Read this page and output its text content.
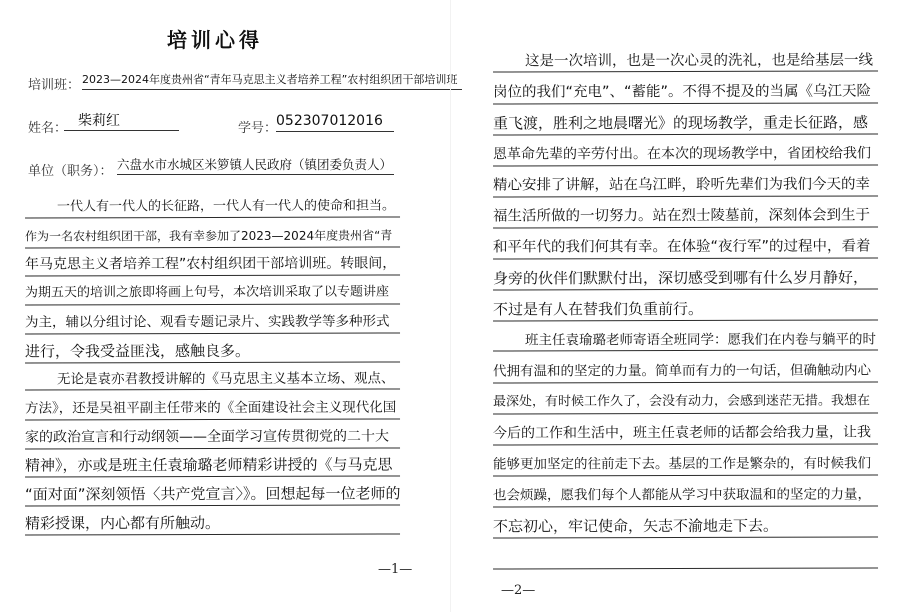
培训心得
培训班： 2023—2024年度贵州省“青年马克思主义者培养工程”农村组织团干部培训班
姓名： 柴莉红	学号：
052307012016
单位（职务）： 六盘水市水城区米箩镇人民政府（镇团委负责人）
一代人有一代人的长征路，一代人有一代人的使命和担当。
作为一名农村组织团干部，我有幸参加了2023—2024年度贵州省“青
年马克思主义者培养工程”农村组织团干部培训班。转眼间，
为期五天的培训之旅即将画上句号，本次培训采取了以专题讲座
为主，辅以分组讨论、观看专题记录片、实践教学等多种形式
进行，令我受益匪浅，感触良多。
无论是袁亦君教授讲解的《马克思主义基本立场、观点、
方法》，还是吴祖平副主任带来的《全面建设社会主义现代化国
家的政治宣言和行动纲领——全面学习宣传贯彻党的二十大
精神》，亦或是班主任袁瑜璐老师精彩讲授的《与马克思
“面对面”深刻领悟〈共产党宣言〉》。回想起每一位老师的
精彩授课，内心都有所触动。
—1—
这是一次培训，也是一次心灵的洗礼，也是给基层一线
岗位的我们“充电”、“蓄能”。不得不提及的当属《乌江天险
重飞渡，胜利之地晨曙光》的现场教学，重走长征路，感
恩革命先辈的辛劳付出。在本次的现场教学中，省团校给我们
精心安排了讲解，站在乌江畔，聆听先辈们为我们今天的幸
福生活所做的一切努力。站在烈士陵墓前，深刻体会到生于
和平年代的我们何其有幸。在体验“夜行军”的过程中，看着
身旁的伙伴们默默付出，深切感受到哪有什么岁月静好，
不过是有人在替我们负重前行。
班主任袁瑜璐老师寄语全班同学：愿我们在内卷与躺平的时
代拥有温和的坚定的力量。简单而有力的一句话，但确触动内心
最深处，有时候工作久了，会没有动力，会感到迷茫无措。我想在
今后的工作和生活中，班主任袁老师的话都会给我力量，让我
能够更加坚定的往前走下去。基层的工作是繁杂的，有时候我们
也会烦躁，愿我们每个人都能从学习中获取温和的坚定的力量，
不忘初心，牢记使命，矢志不渝地走下去。
—2—
